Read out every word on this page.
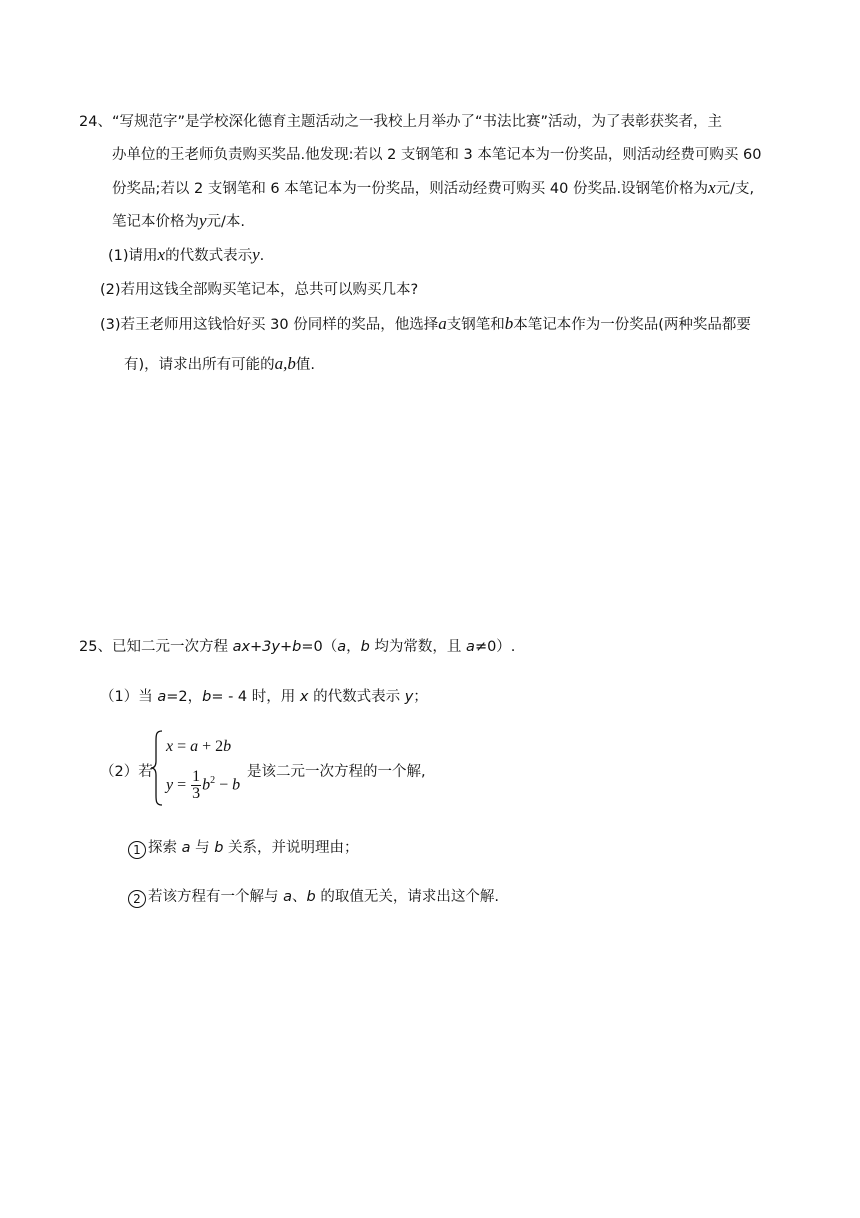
24、“写规范字”是学校深化德育主题活动之一我校上月举办了“书法比赛”活动，为了表彰获奖者，主
办单位的王老师负责购买奖品.他发现:若以 2 支钢笔和 3 本笔记本为一份奖品，则活动经费可购买 60
份奖品;若以 2 支钢笔和 6 本笔记本为一份奖品，则活动经费可购买 40 份奖品.设钢笔价格为x元/支,
笔记本价格为y元/本.
(1)请用x的代数式表示y.
(2)若用这钱全部购买笔记本，总共可以购买几本?
(3)若王老师用这钱恰好买 30 份同样的奖品，他选择a支钢笔和b本笔记本作为一份奖品(两种奖品都要
有)，请求出所有可能的a,b值.
25、已知二元一次方程 ax+3y+b=0（a，b 均为常数，且 a≠0）.
（1）当 a=2，b= - 4 时，用 x 的代数式表示 y；
（2）若
x = a + 2b
$y = \frac{1}{3} b^2 - b$
是该二元一次方程的一个解,
1 探索 a 与 b 关系，并说明理由；
2 若该方程有一个解与 a、b 的取值无关，请求出这个解.
